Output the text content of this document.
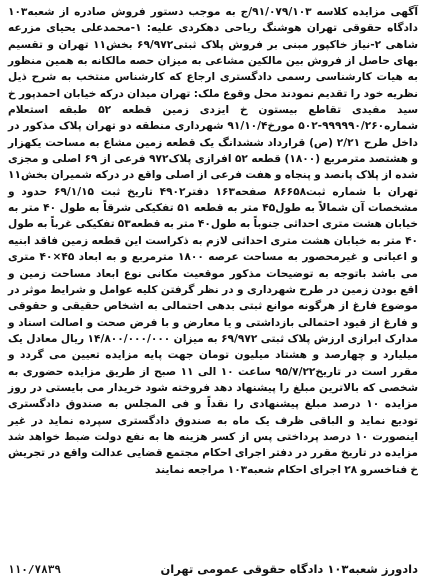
آگهی مزایده کلاسه ۹۱/۰۷۹/۱۰۳/ج به موجب دستور فروش صادره از شعبه۱۰۳ دادگاه حقوقی تهران هوشنگ ریاحی دهکردی علیه: ۱-محمدعلی یحیای مزرعه شاهی ۲-نیاز خاکپور مبنی بر فروش پلاک ثبتی۶۹/۹۷۲ بخش۱۱ تهران و تقسیم بهای حاصل از فروش بین مالکین مشاعی به میزان حصه مالکانه به همین منظور به هیات کارشناسی رسمی دادگستری ارجاع که کارشناس منتخب به شرح ذیل نظریه خود را تقدیم نمودند محل وقوع ملک: تهران میدان درکه خیابان احمدپور خ سید مفیدی تقاطع بیستون خ ایزدی زمین قطعه ۵۲ طبقه استعلام شماره۹۹۹۹۹۰/۲۶۰-۵۰۲ مورخ۹۱/۱۰/۴ شهرداری منطقه دو تهران پلاک مذکور در داخل طرح ۲/۲۱ (ص) قرارداد ششدانگ یک قطعه زمین مشاع به مساحت یکهزار و هشتصد مترمربع (۱۸۰۰) قطعه ۵۲ افرازی پلاک۹۷۲ فرعی از ۶۹ اصلی و مجزی شده از پلاک پانصد و پنجاه و هفت فرعی از اصلی واقع در درکه شمیران بخش۱۱ تهران با شماره ثبت۸۶۶۵۸ صفحه۱۶۳ دفتر۴۹۰۲ تاریخ ثبت ۶۹/۱/۱۵ حدود و مشخصات آن شمالاً به طول۴۵ متر به قطعه ۵۱ تفکیکی شرقاً به طول ۴۰ متر به خیابان هشت متری احداثی جنوباً به طول۴۰ متر به قطعه۵۳ تفکیکی غرباً به طول ۴۰ متر به خیابان هشت متری احداثی لازم به ذکراست این قطعه زمین فاقد ابنیه و اعیانی و غیرمحصور به مساحت عرصه ۱۸۰۰ مترمربع و به ابعاد ۴۵×۴۰ متری می باشد باتوجه به توضیحات مذکور موقعیت مکانی نوع ابعاد مساحت زمین و اقع بودن زمین در طرح شهرداری و در نظر گرفتن کلیه عوامل و شرایط موثر در موضوع فارغ از هرگونه موانع ثبتی بدهی احتمالی به اشخاص حقیقی و حقوقی و فارغ از قیود احتمالی بازداشتی و یا معارض و با فرض صحت و اصالت اسناد و مدارک ابرازی ارزش پلاک ثبتی ۶۹/۹۷۲ به میزان ۱۴/۸۰۰/۰۰۰/۰۰۰ ریال معادل یک میلیارد و چهارصد و هشتاد میلیون تومان جهت پایه مزایده تعیین می گردد و مقرر است در تاریخ۹۵/۷/۲۲ ساعت ۱۰ الی ۱۱ صبح از طریق مزایده حضوری به شخصی که بالاترین مبلغ را پیشنهاد دهد فروخته شود خریدار می بایستی در روز مزایده ۱۰ درصد مبلغ پیشنهادی را نقداً و فی المجلس به صندوق دادگستری تودیع نماید و الباقی ظرف یک ماه به صندوق دادگستری سپرده نماید در غیر اینصورت ۱۰ درصد پرداختی پس از کسر هزینه ها به نفع دولت ضبط خواهد شد مزایده در تاریخ مقرر در دفتر اجرای احکام مجتمع قضایی عدالت واقع در تجریش خ فناخسرو ۲۸ اجرای احکام شعبه۱۰۳ مراجعه نمایند

۱۱۰/۷۸۳۹	دادورز شعبه۱۰۳ دادگاه حقوقی عمومی تهران
